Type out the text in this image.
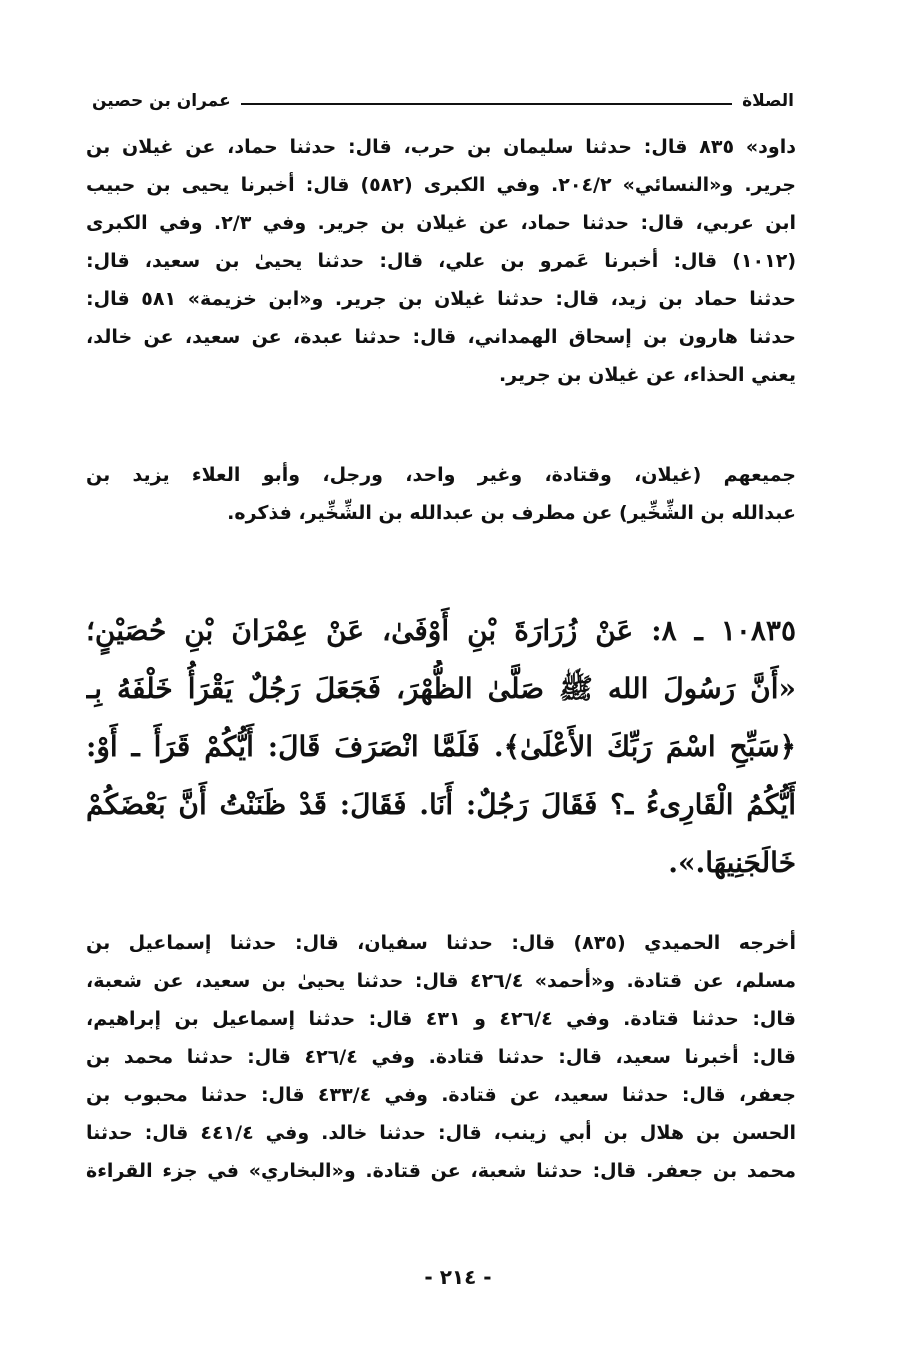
الصلاة
عمران بن حصين
داود» ٨٣٥ قال: حدثنا سليمان بن حرب، قال: حدثنا حماد، عن غيلان بن
جرير. و«النسائي» ٢٠٤/٢. وفي الكبرى (٥٨٢) قال: أخبرنا يحيى بن حبيب
ابن عربي، قال: حدثنا حماد، عن غيلان بن جرير. وفي ٢/٣. وفي الكبرى
(١٠١٢) قال: أخبرنا عَمرو بن علي، قال: حدثنا يحيىٰ بن سعيد، قال:
حدثنا حماد بن زيد، قال: حدثنا غيلان بن جرير. و«ابن خزيمة» ٥٨١ قال:
حدثنا هارون بن إسحاق الهمداني، قال: حدثنا عبدة، عن سعيد، عن خالد،
يعني الحذاء، عن غيلان بن جرير.
جميعهم (غيلان، وقتادة، وغير واحد، ورجل، وأبو العلاء يزيد بن
عبدالله بن الشِّخِّير) عن مطرف بن عبدالله بن الشِّخِّير، فذكره.
١٠٨٣٥ ـ ٨: عَنْ زُرَارَةَ بْنِ أَوْفَىٰ، عَنْ عِمْرَانَ بْنِ حُصَيْنٍ؛
«أَنَّ رَسُولَ الله ﷺ صَلَّىٰ الظُّهْرَ، فَجَعَلَ رَجُلٌ يَقْرَأُ خَلْفَهُ بِـ
﴿سَبِّحِ اسْمَ رَبِّكَ الأَعْلَىٰ﴾. فَلَمَّا انْصَرَفَ قَالَ: أَيُّكُمْ قَرَأَ ـ أَوْ:
أَيُّكُمُ الْقَارِىءُ ـ؟ فَقَالَ رَجُلٌ: أَنَا. فَقَالَ: قَدْ ظَنَنْتُ أَنَّ بَعْضَكُمْ
خَالَجَنِيهَا.».
أخرجه الحميدي (٨٣٥) قال: حدثنا سفيان، قال: حدثنا إسماعيل بن
مسلم، عن قتادة. و«أحمد» ٤٢٦/٤ قال: حدثنا يحيىٰ بن سعيد، عن شعبة،
قال: حدثنا قتادة. وفي ٤٢٦/٤ و ٤٣١ قال: حدثنا إسماعيل بن إبراهيم،
قال: أخبرنا سعيد، قال: حدثنا قتادة. وفي ٤٢٦/٤ قال: حدثنا محمد بن
جعفر، قال: حدثنا سعيد، عن قتادة. وفي ٤٣٣/٤ قال: حدثنا محبوب بن
الحسن بن هلال بن أبي زينب، قال: حدثنا خالد. وفي ٤٤١/٤ قال: حدثنا
محمد بن جعفر. قال: حدثنا شعبة، عن قتادة. و«البخاري» في جزء القراءة
- ٢١٤ -
